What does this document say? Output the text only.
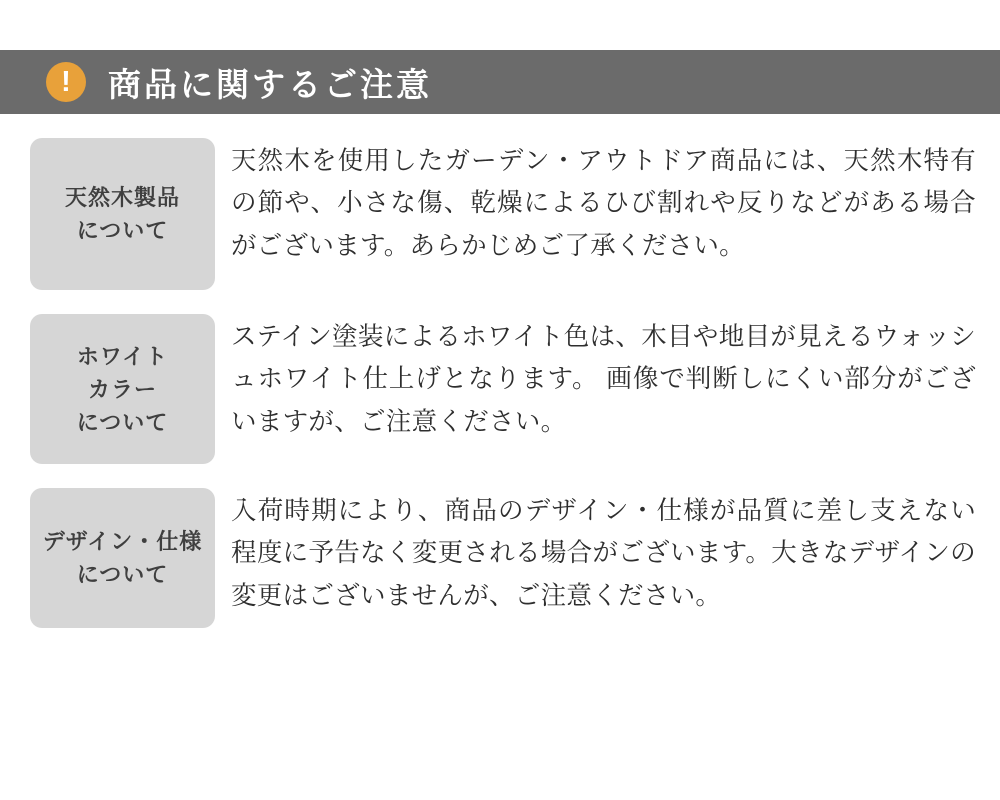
! 商品に関するご注意
天然木製品
について
天然木を使用したガーデン・アウトドア商品には、天然木特有の節や、小さな傷、乾燥によるひび割れや反りなどがある場合がございます。あらかじめご了承ください。
ホワイト
カラー
について
ステイン塗装によるホワイト色は、木目や地目が見えるウォッシュホワイト仕上げとなります。 画像で判断しにくい部分がございますが、ご注意ください。
デザイン・仕様
について
入荷時期により、商品のデザイン・仕様が品質に差し支えない程度に予告なく変更される場合がございます。大きなデザインの変更はございませんが、ご注意ください。
